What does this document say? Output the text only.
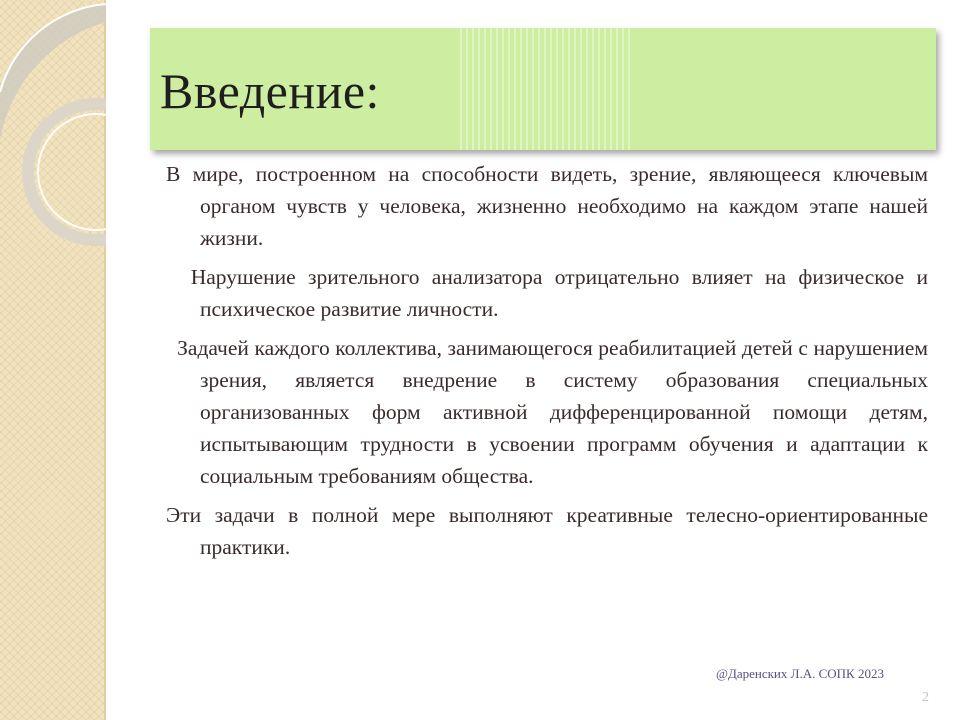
Введение:

В мире, построенном на способности видеть, зрение, являющееся ключевым органом чувств у человека, жизненно необходимо на каждом этапе нашей жизни.

Нарушение зрительного анализатора отрицательно влияет на физическое и психическое развитие личности.

Задачей каждого коллектива, занимающегося реабилитацией детей с нарушением зрения, является внедрение в систему образования специальных организованных форм активной дифференцированной помощи детям, испытывающим трудности в усвоении программ обучения и адаптации к социальным требованиям общества.

Эти задачи в полной мере выполняют креативные телесно-ориентированные практики.

@Даренских Л.А. СОПК 2023
2
